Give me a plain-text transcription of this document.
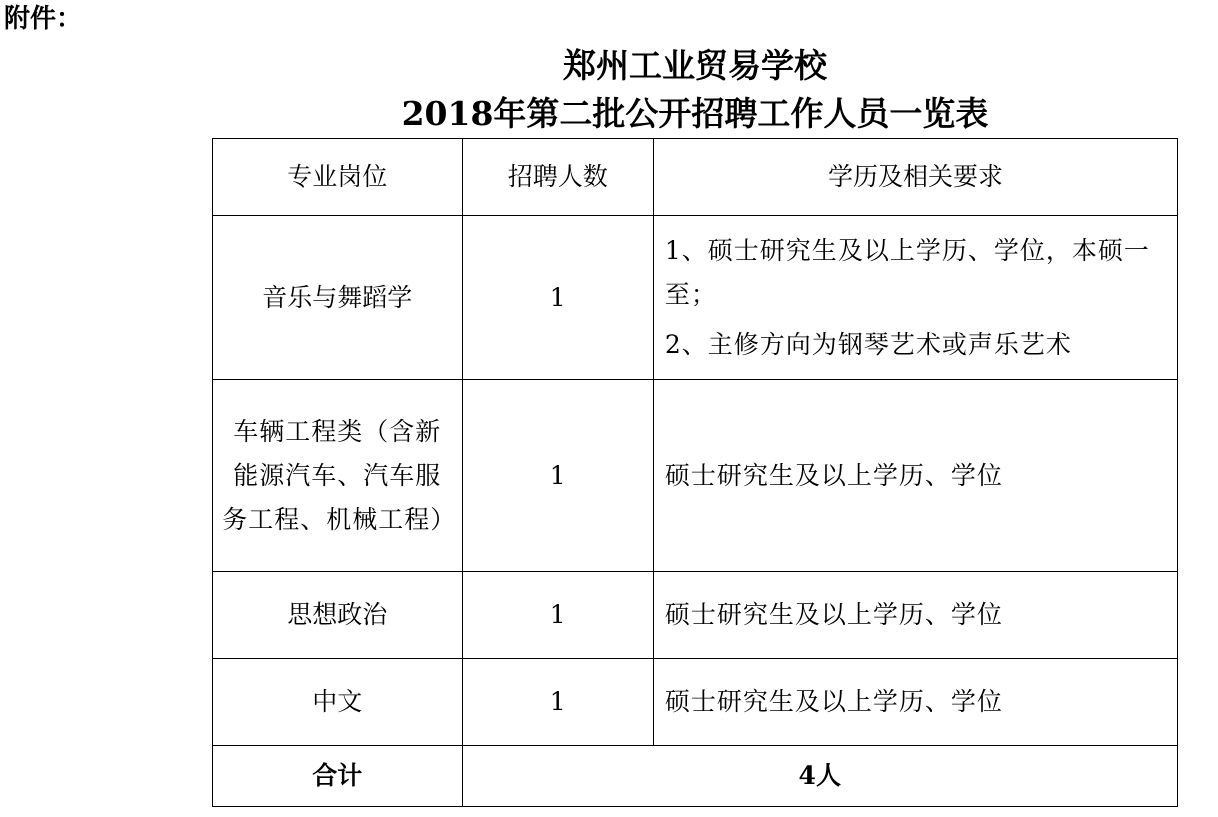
附件：
郑州工业贸易学校
2018年第二批公开招聘工作人员一览表
专业岗位	招聘人数	学历及相关要求
音乐与舞蹈学	1	1、硕士研究生及以上学历、学位，本硕一至；
2、主修方向为钢琴艺术或声乐艺术

车辆工程类（含新能源汽车、汽车服务工程、机械工程）	1	硕士研究生及以上学历、学位

思想政治	1	硕士研究生及以上学历、学位

中文	1	硕士研究生及以上学历、学位

合计	4人	
